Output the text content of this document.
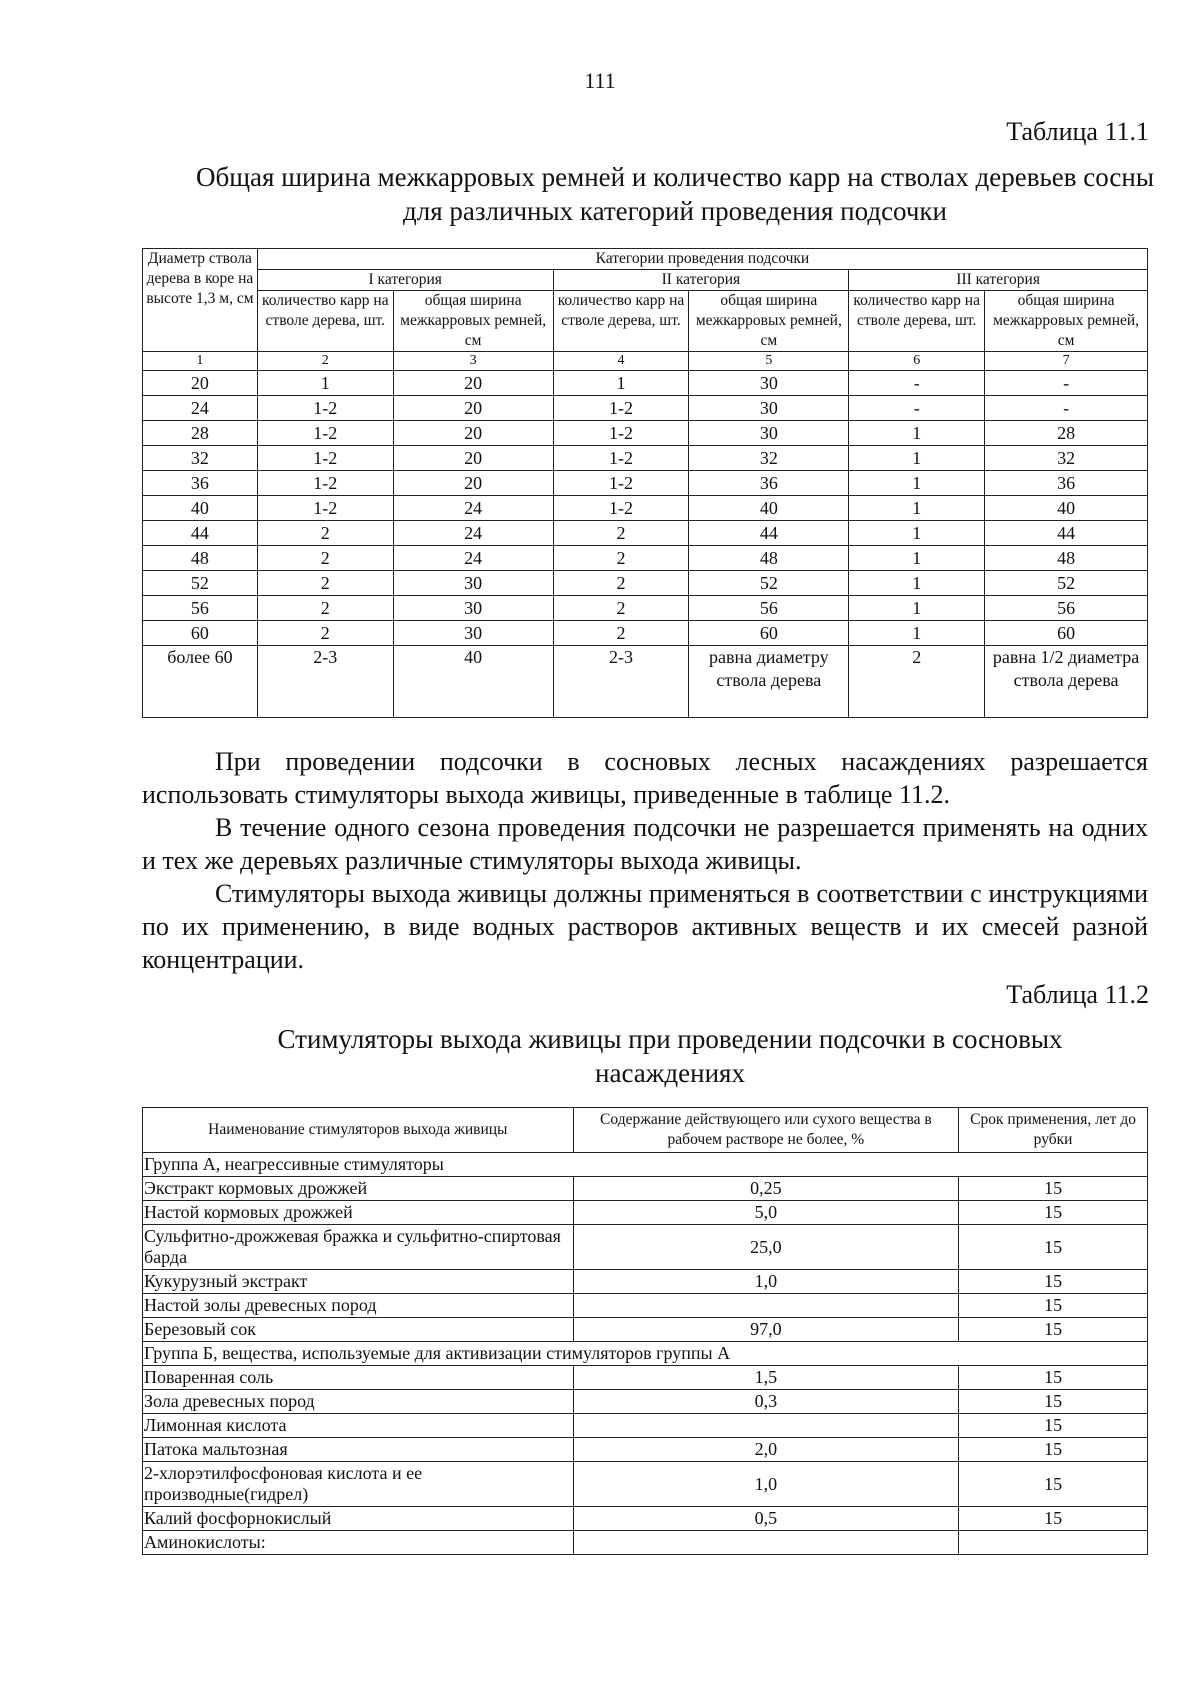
111
Таблица 11.1
Общая ширина межкарровых ремней и количество карр на стволах деревьев сосны для различных категорий проведения подсочки
Диаметр ствола дерева в коре на высоте 1,3 м, см	Категории проведения подсочки					
	I категория		II категория		III категория	
	количество карр на стволе дерева, шт.	общая ширина межкарровых ремней, см	количество карр на стволе дерева, шт.	общая ширина межкарровых ремней, см	количество карр на стволе дерева, шт.	общая ширина межкарровых ремней, см
1	2	3	4	5	6	7
20	1	20	1	30	-	-
24	1-2	20	1-2	30	-	-
28	1-2	20	1-2	30	1	28
32	1-2	20	1-2	32	1	32
36	1-2	20	1-2	36	1	36
40	1-2	24	1-2	40	1	40
44	2	24	2	44	1	44
48	2	24	2	48	1	48
52	2	30	2	52	1	52
56	2	30	2	56	1	56
60	2	30	2	60	1	60
более 60	2-3	40	2-3	равна диаметру ствола дерева	2	равна 1/2 диаметра ствола дерева

При проведении подсочки в сосновых лесных насаждениях разрешается использовать стимуляторы выхода живицы, приведенные в таблице 11.2.

В течение одного сезона проведения подсочки не разрешается применять на одних и тех же деревьях различные стимуляторы выхода живицы.

Стимуляторы выхода живицы должны применяться в соответствии с инструкциями по их применению, в виде водных растворов активных веществ и их смесей разной концентрации.

Таблица 11.2
Стимуляторы выхода живицы при проведении подсочки в сосновых насаждениях
Наименование стимуляторов выхода живицы	Содержание действующего или сухого вещества в рабочем растворе не более, %	Срок применения, лет до рубки
Группа А, неагрессивные стимуляторы		
Экстракт кормовых дрожжей	0,25	15
Настой кормовых дрожжей	5,0	15
Сульфитно-дрожжевая бражка и сульфитно-спиртовая барда	25,0	15
Кукурузный экстракт	1,0	15
Настой золы древесных пород		15
Березовый сок	97,0	15
Группа Б, вещества, используемые для активизации стимуляторов группы А		
Поваренная соль	1,5	15
Зола древесных пород	0,3	15
Лимонная кислота		15
Патока мальтозная	2,0	15
2-хлорэтилфосфоновая кислота и ее производные(гидрел)	1,0	15
Калий фосфорнокислый	0,5	15
Аминокислоты:		
